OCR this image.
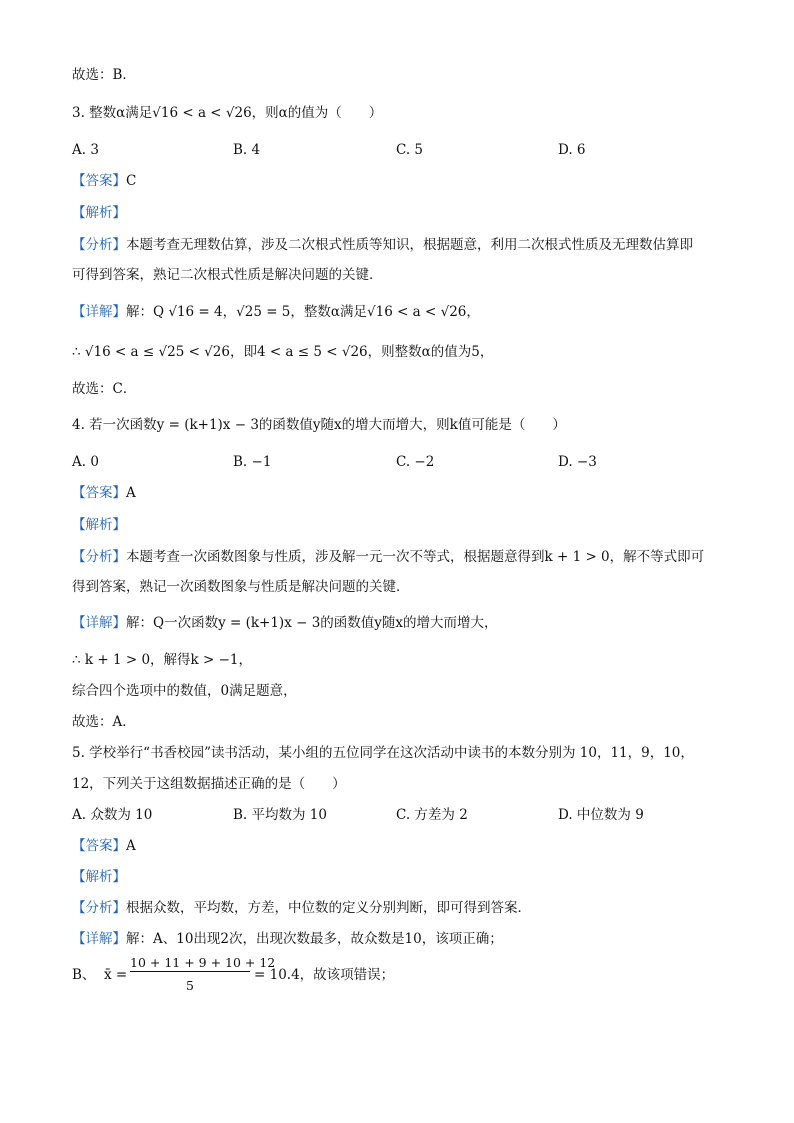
故选：B．
3. 整数α满足√16 < a < √26，则α的值为（　　）
A. 3	B. 4	C. 5	D. 6
【答案】C
【解析】
【分析】本题考查无理数估算，涉及二次根式性质等知识，根据题意，利用二次根式性质及无理数估算即
可得到答案，熟记二次根式性质是解决问题的关键．
【详解】解：Q √16 = 4，√25 = 5，整数α满足√16 < a < √26，
∴ √16 < a ≤ √25 < √26，即4 < a ≤ 5 < √26，则整数α的值为5，
故选：C．
4. 若一次函数y = (k+1)x − 3的函数值y随x的增大而增大，则k值可能是（　　）
A. 0	B. −1	C. −2	D. −3
【答案】A
【解析】
【分析】本题考查一次函数图象与性质，涉及解一元一次不等式，根据题意得到k + 1 > 0，解不等式即可
得到答案，熟记一次函数图象与性质是解决问题的关键．
【详解】解：Q一次函数y = (k+1)x − 3的函数值y随x的增大而增大，
∴ k + 1 > 0，解得k > −1，
综合四个选项中的数值，0满足题意，
故选：A．
5. 学校举行“书香校园”读书活动，某小组的五位同学在这次活动中读书的本数分别为 10，11，9，10，
12，下列关于这组数据描述正确的是（　　）
A. 众数为 10	B. 平均数为 10	C. 方差为 2	D. 中位数为 9
【答案】A
【解析】
【分析】根据众数，平均数，方差，中位数的定义分别判断，即可得到答案．
【详解】解：A、10出现2次，出现次数最多，故众数是10，该项正确；
B、 x̄ =
10 + 11 + 9 + 10 + 12
5
= 10.4，故该项错误；
